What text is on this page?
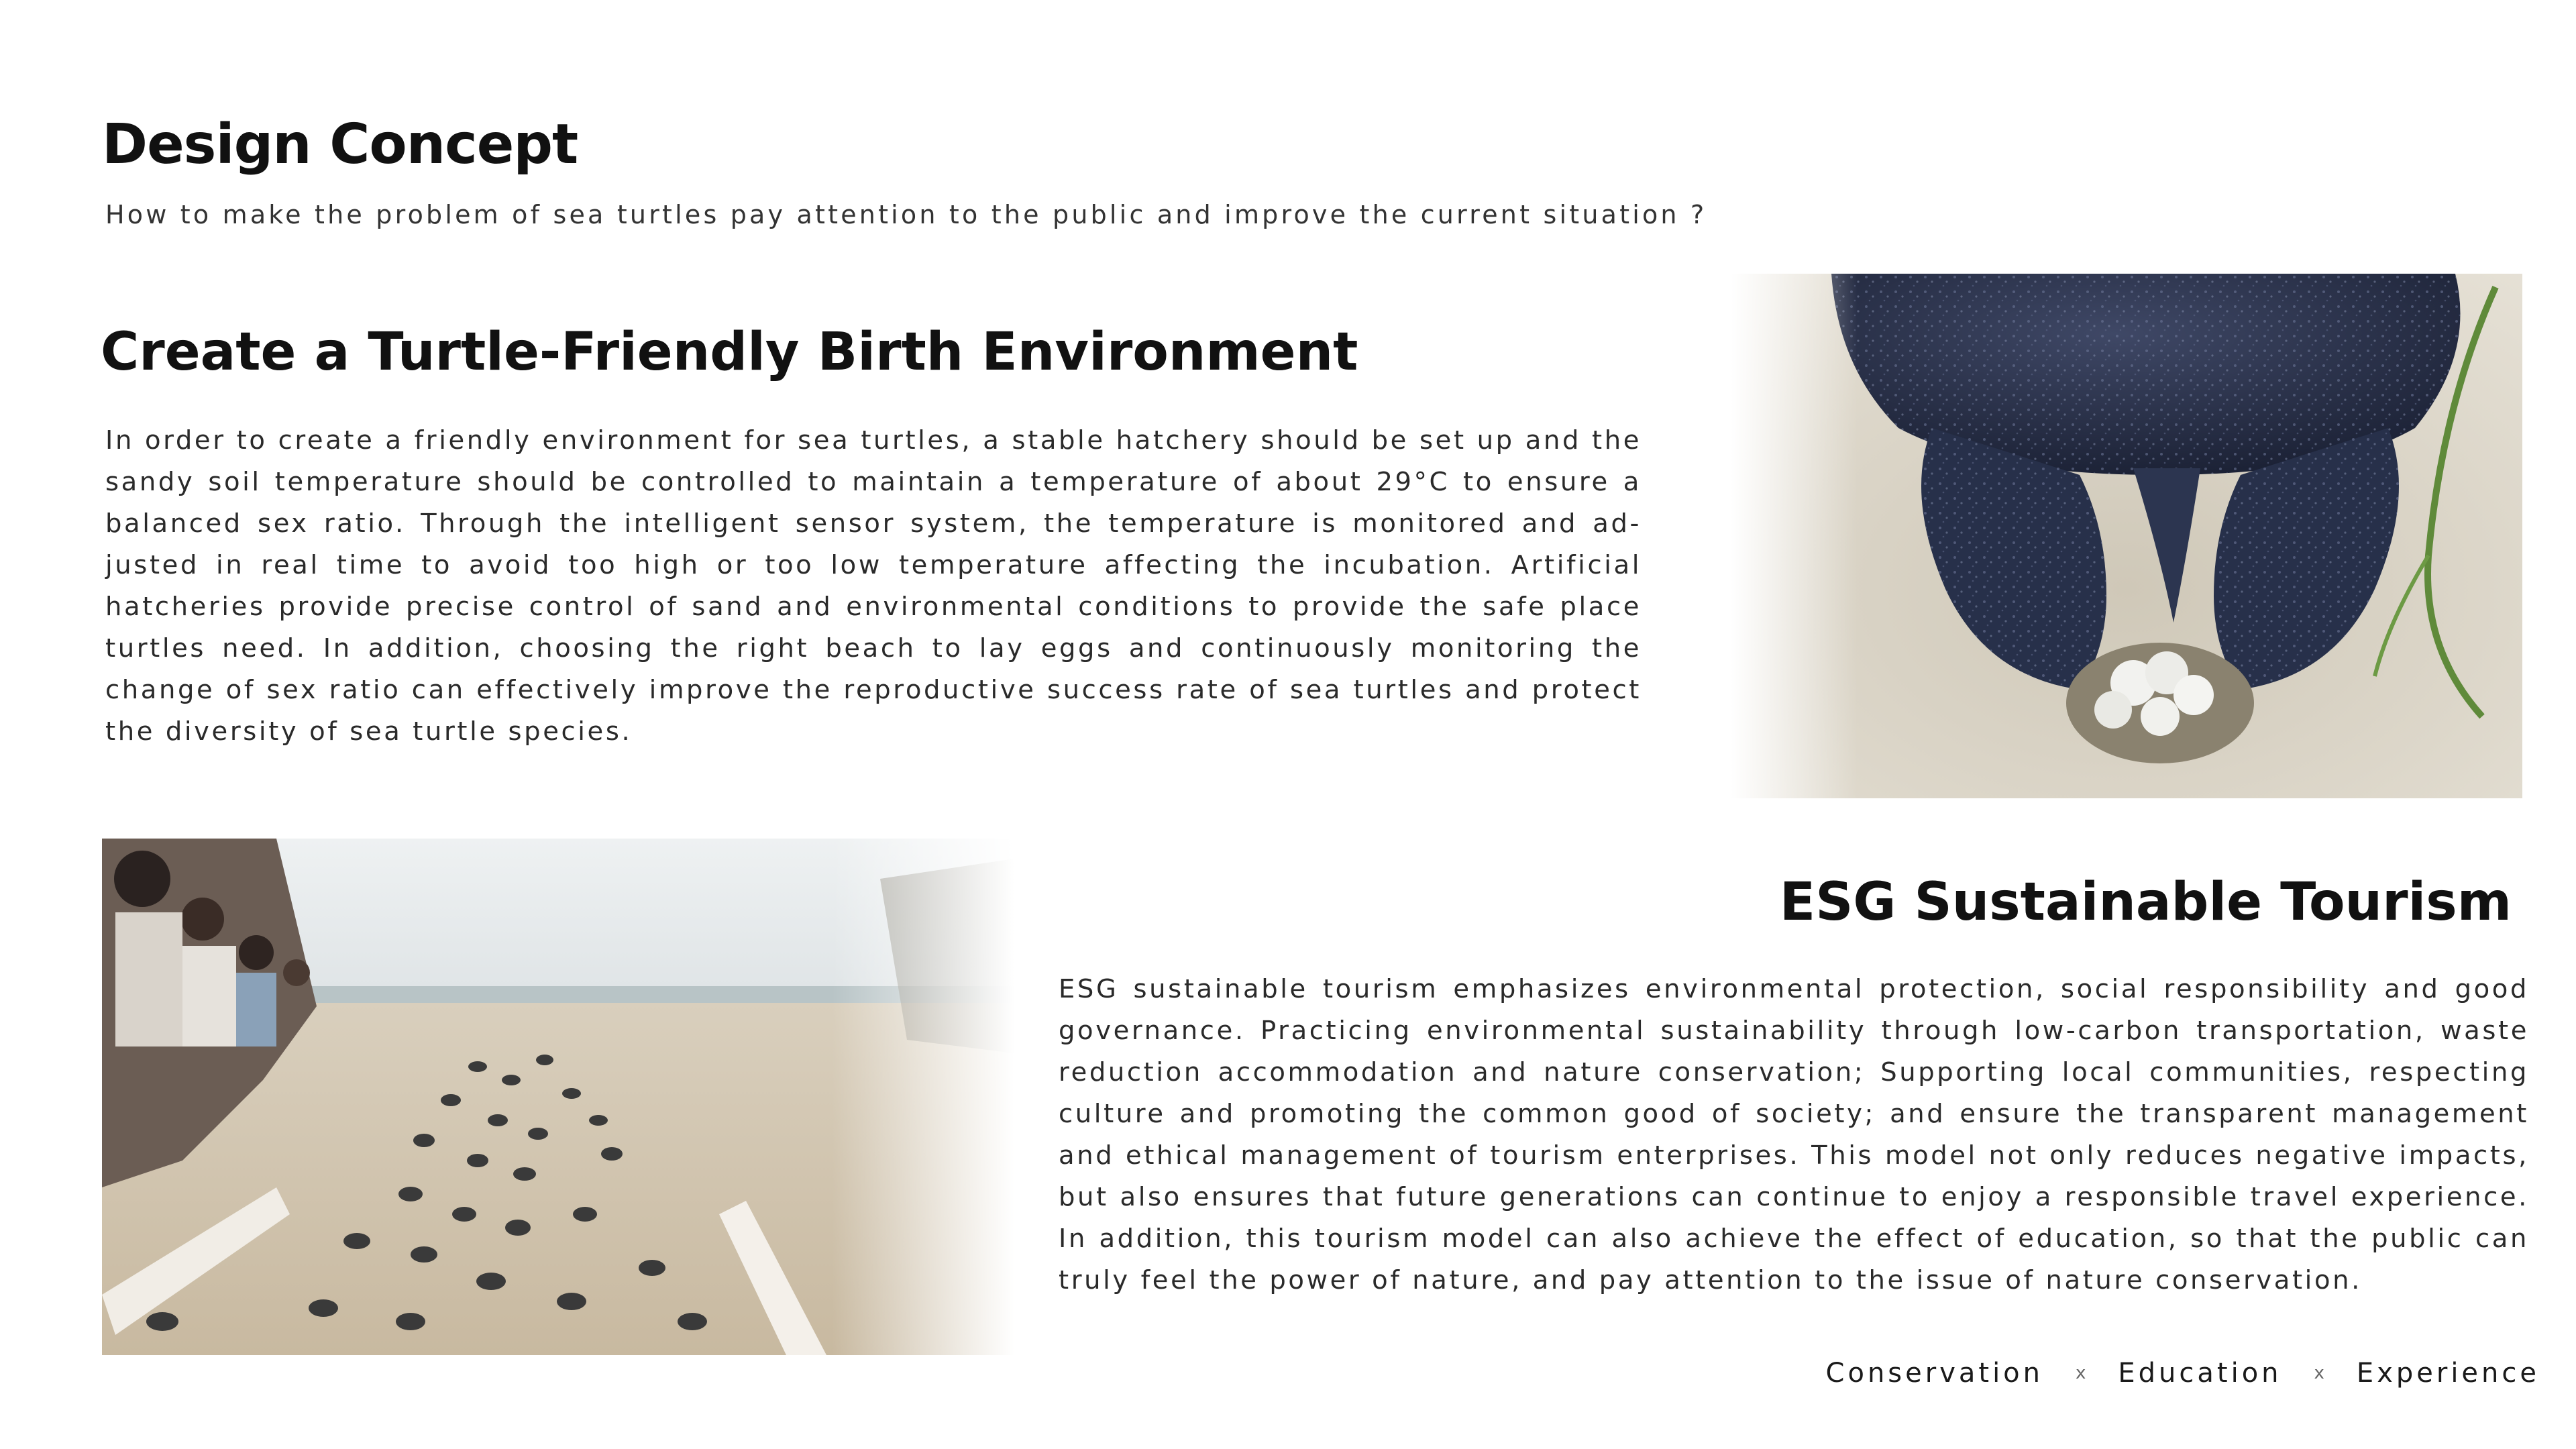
Design Concept
How to make the problem of sea turtles pay attention to the public and improve the current situation ?
Create a Turtle-Friendly Birth Environment
In order to create a friendly environment for sea turtles, a stable hatchery should be set up and the sandy soil temperature should be controlled to maintain a temperature of about 29°C to ensure a balanced sex ratio. Through the intelligent sensor system, the temperature is monitored and ad-justed in real time to avoid too high or too low temperature affecting the incubation. Artificial hatcheries provide precise control of sand and environmental conditions to provide the safe place turtles need. In addition, choosing the right beach to lay eggs and continuously monitoring the change of sex ratio can effectively improve the reproductive success rate of sea turtles and protect the diversity of sea turtle species.
ESG Sustainable Tourism
ESG sustainable tourism emphasizes environmental protection, social responsibility and good governance. Practicing environmental sustainability through low-carbon transportation, waste reduction accommodation and nature conservation; Supporting local communities, respecting culture and promoting the common good of society; and ensure the transparent management and ethical management of tourism enterprises. This model not only reduces negative impacts, but also ensures that future generations can continue to enjoy a responsible travel experience. In addition, this tourism model can also achieve the effect of education, so that the public can truly feel the power of nature, and pay attention to the issue of nature conservation.
Conservation x Education x Experience
